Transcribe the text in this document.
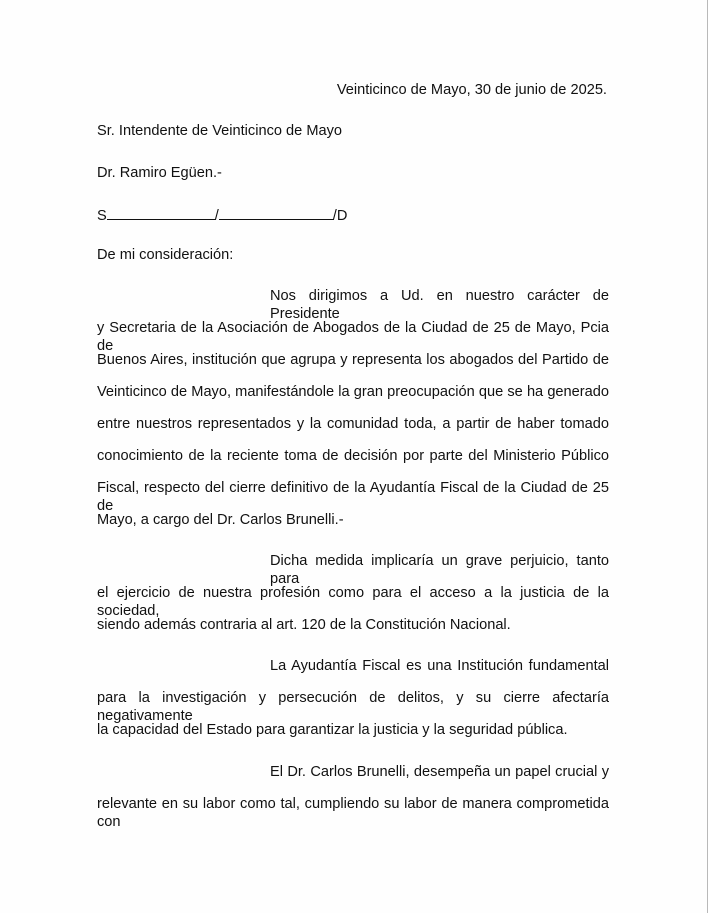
Veinticinco de Mayo, 30 de junio de 2025.
Sr. Intendente de Veinticinco de Mayo
Dr. Ramiro Egüen.-
S	/	/D
De mi consideración:
Nos dirigimos a Ud. en nuestro carácter de Presidente
y Secretaria de la Asociación de Abogados de la Ciudad de 25 de Mayo, Pcia de
Buenos Aires, institución que agrupa y representa los abogados del Partido de
Veinticinco de Mayo, manifestándole la gran preocupación que se ha generado
entre nuestros representados y la comunidad toda, a partir de haber tomado
conocimiento de la reciente toma de decisión por parte del Ministerio Público
Fiscal, respecto del cierre definitivo de la Ayudantía Fiscal de la Ciudad de 25 de
Mayo, a cargo del Dr. Carlos Brunelli.-
Dicha medida implicaría un grave perjuicio, tanto para
el ejercicio de nuestra profesión como para el acceso a la justicia de la sociedad,
siendo además contraria al art. 120 de la Constitución Nacional.
La Ayudantía Fiscal es una Institución fundamental
para la investigación y persecución de delitos, y su cierre afectaría negativamente
la capacidad del Estado para garantizar la justicia y la seguridad pública.
El Dr. Carlos Brunelli, desempeña un papel crucial y
relevante en su labor como tal, cumpliendo su labor de manera comprometida con
